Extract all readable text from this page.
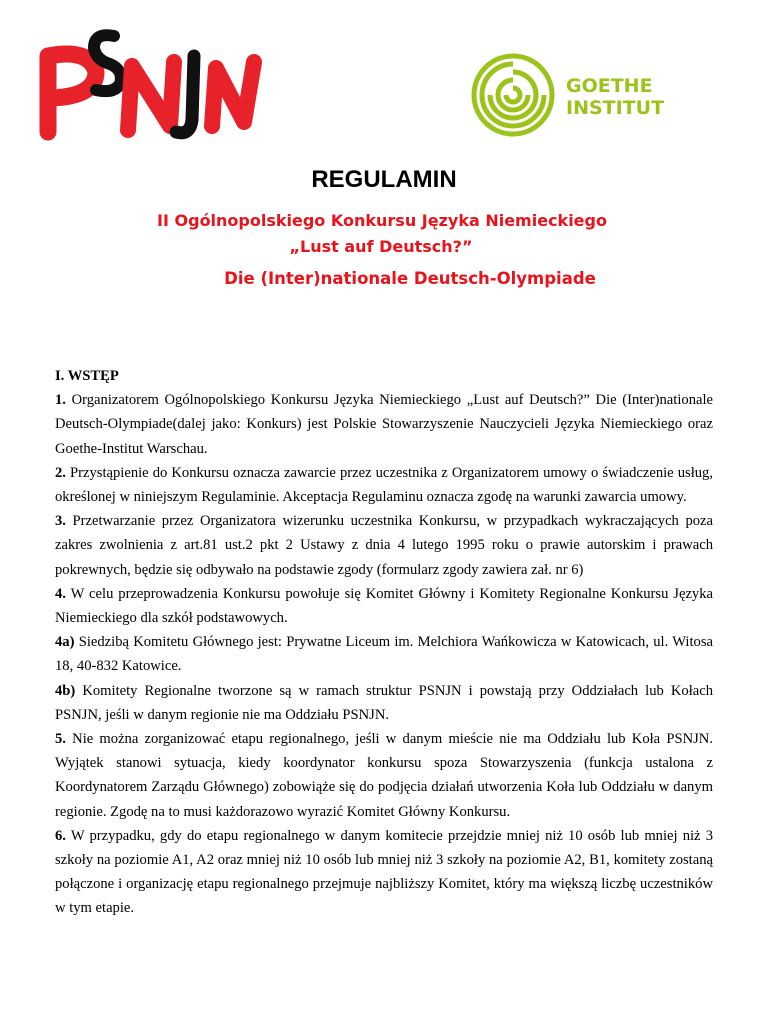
GOETHE
INSTITUT
REGULAMIN
II Ogólnopolskiego Konkursu Języka Niemieckiego
„Lust auf Deutsch?”
Die (Inter)nationale Deutsch-Olympiade
I. WSTĘP

1. Organizatorem Ogólnopolskiego Konkursu Języka Niemieckiego „Lust auf Deutsch?” Die (Inter)nationale Deutsch-Olympiade(dalej jako: Konkurs) jest Polskie Stowarzyszenie Nauczycieli Języka Niemieckiego oraz Goethe-Institut Warschau.

2. Przystąpienie do Konkursu oznacza zawarcie przez uczestnika z Organizatorem umowy o świadczenie usług, określonej w niniejszym Regulaminie. Akceptacja Regulaminu oznacza zgodę na warunki zawarcia umowy.

3. Przetwarzanie przez Organizatora wizerunku uczestnika Konkursu, w przypadkach wykraczających poza zakres zwolnienia z art.81 ust.2 pkt 2 Ustawy z dnia 4 lutego 1995 roku o prawie autorskim i prawach pokrewnych, będzie się odbywało na podstawie zgody (formularz zgody zawiera zał. nr 6)

4. W celu przeprowadzenia Konkursu powołuje się Komitet Główny i Komitety Regionalne Konkursu Języka Niemieckiego dla szkół podstawowych.

4a) Siedzibą Komitetu Głównego jest: Prywatne Liceum im. Melchiora Wańkowicza w Katowicach, ul. Witosa 18, 40-832 Katowice.

4b) Komitety Regionalne tworzone są w ramach struktur PSNJN i powstają przy Oddziałach lub Kołach PSNJN, jeśli w danym regionie nie ma Oddziału PSNJN.

5. Nie można zorganizować etapu regionalnego, jeśli w danym mieście nie ma Oddziału lub Koła PSNJN. Wyjątek stanowi sytuacja, kiedy koordynator konkursu spoza Stowarzyszenia (funkcja ustalona z Koordynatorem Zarządu Głównego) zobowiąże się do podjęcia działań utworzenia Koła lub Oddziału w danym regionie. Zgodę na to musi każdorazowo wyrazić Komitet Główny Konkursu.

6. W przypadku, gdy do etapu regionalnego w danym komitecie przejdzie mniej niż 10 osób lub mniej niż 3 szkoły na poziomie A1, A2 oraz mniej niż 10 osób lub mniej niż 3 szkoły na poziomie A2, B1, komitety zostaną połączone i organizację etapu regionalnego przejmuje najbliższy Komitet, który ma większą liczbę uczestników w tym etapie.
